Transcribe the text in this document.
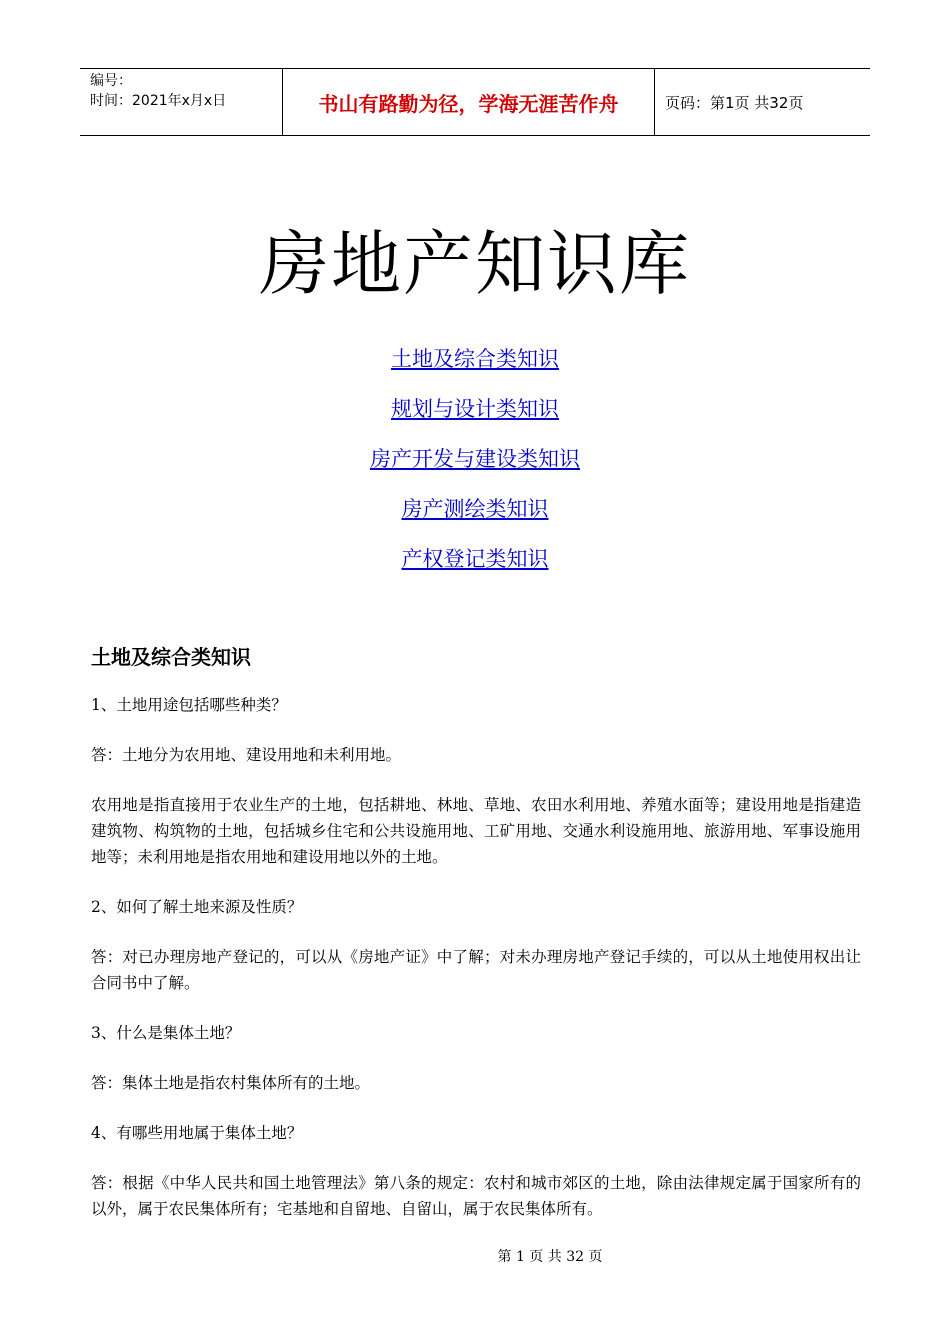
编号：
时间：2021年x月x日	书山有路勤为径，学海无涯苦作舟	页码：第1页 共32页
房地产知识库
土地及综合类知识
规划与设计类知识
房产开发与建设类知识
房产测绘类知识
产权登记类知识
土地及综合类知识

1、土地用途包括哪些种类？

答：土地分为农用地、建设用地和未利用地。

农用地是指直接用于农业生产的土地，包括耕地、林地、草地、农田水利用地、养殖水面等；建设用地是指建造建筑物、构筑物的土地，包括城乡住宅和公共设施用地、工矿用地、交通水利设施用地、旅游用地、军事设施用地等；未利用地是指农用地和建设用地以外的土地。

2、如何了解土地来源及性质？

答：对已办理房地产登记的，可以从《房地产证》中了解；对未办理房地产登记手续的，可以从土地使用权出让合同书中了解。

3、什么是集体土地？

答：集体土地是指农村集体所有的土地。

4、有哪些用地属于集体土地？

答：根据《中华人民共和国土地管理法》第八条的规定：农村和城市郊区的土地，除由法律规定属于国家所有的以外，属于农民集体所有；宅基地和自留地、自留山，属于农民集体所有。

第 1 页 共 32 页
